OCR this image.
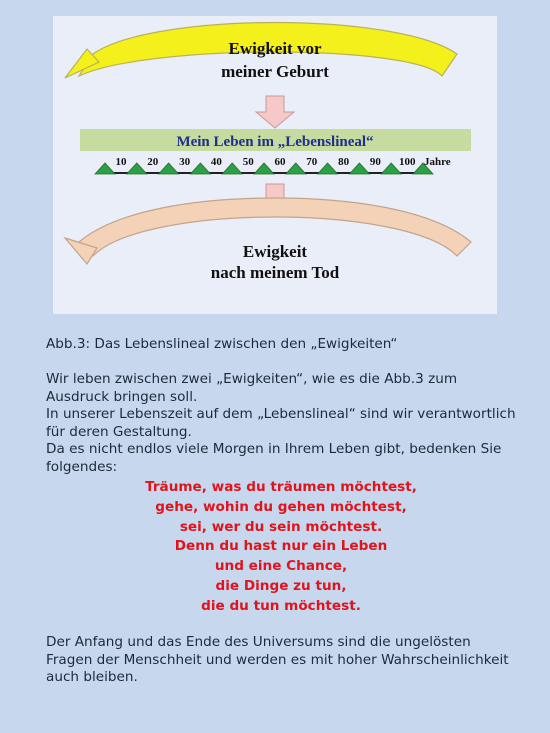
Ewigkeit vor
meiner Geburt
Mein Leben im „Lebenslineal“
10 20 30 40 50 60 70 80 90 100 Jahre
Ewigkeit
nach meinem Tod

Abb.3: Das Lebenslineal zwischen den „Ewigkeiten“

Wir leben zwischen zwei „Ewigkeiten“, wie es die Abb.3 zum Ausdruck bringen soll.

In unserer Lebenszeit auf dem „Lebenslineal“ sind wir verantwortlich für deren Gestaltung.

Da es nicht endlos viele Morgen in Ihrem Leben gibt, bedenken Sie folgendes:

Träume, was du träumen möchtest,
gehe, wohin du gehen möchtest,
sei, wer du sein möchtest.
Denn du hast nur ein Leben
und eine Chance,
die Dinge zu tun,
die du tun möchtest.

Der Anfang und das Ende des Universums sind die ungelösten Fragen der Menschheit und werden es mit hoher Wahrscheinlichkeit auch bleiben.
